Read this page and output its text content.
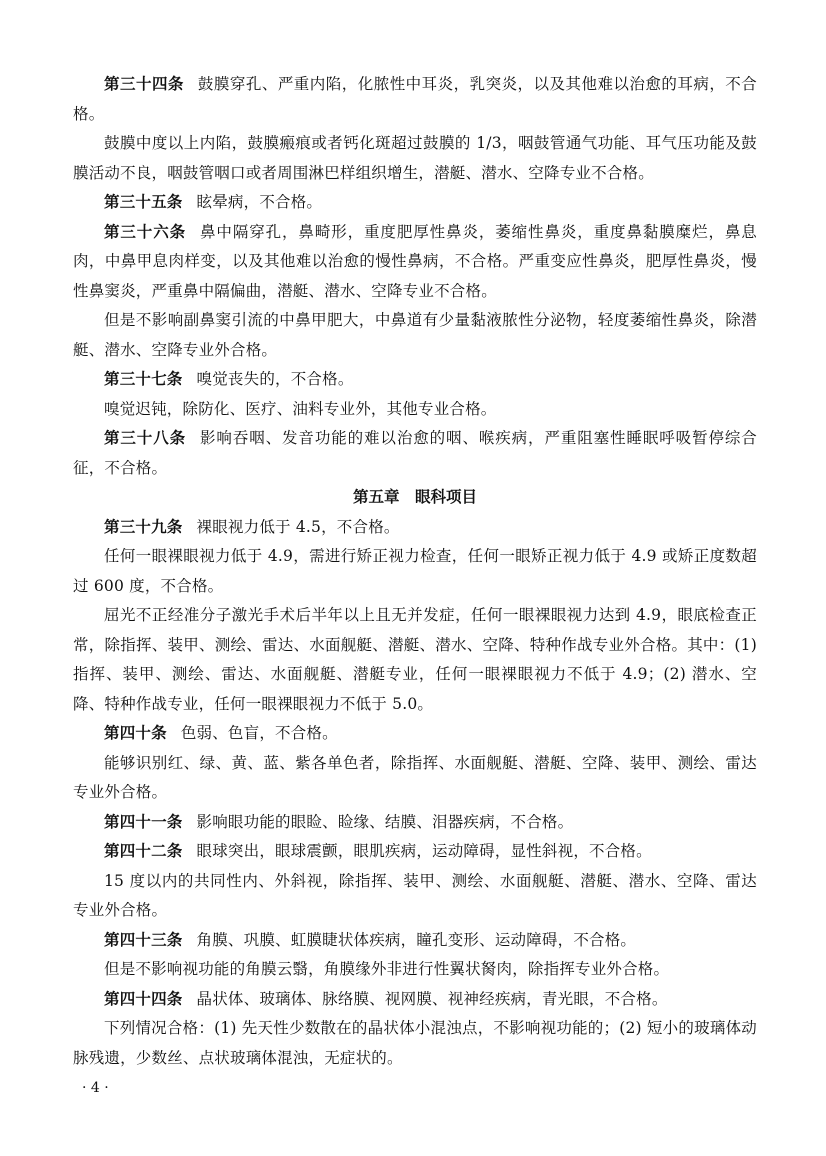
第三十四条 鼓膜穿孔、严重内陷，化脓性中耳炎，乳突炎，以及其他难以治愈的耳病，不合格。

鼓膜中度以上内陷，鼓膜瘢痕或者钙化斑超过鼓膜的 1/3，咽鼓管通气功能、耳气压功能及鼓膜活动不良，咽鼓管咽口或者周围淋巴样组织增生，潜艇、潜水、空降专业不合格。

第三十五条 眩晕病，不合格。

第三十六条 鼻中隔穿孔，鼻畸形，重度肥厚性鼻炎，萎缩性鼻炎，重度鼻黏膜糜烂，鼻息肉，中鼻甲息肉样变，以及其他难以治愈的慢性鼻病，不合格。严重变应性鼻炎，肥厚性鼻炎，慢性鼻窦炎，严重鼻中隔偏曲，潜艇、潜水、空降专业不合格。

但是不影响副鼻窦引流的中鼻甲肥大，中鼻道有少量黏液脓性分泌物，轻度萎缩性鼻炎，除潜艇、潜水、空降专业外合格。

第三十七条 嗅觉丧失的，不合格。

嗅觉迟钝，除防化、医疗、油料专业外，其他专业合格。

第三十八条 影响吞咽、发音功能的难以治愈的咽、喉疾病，严重阻塞性睡眠呼吸暂停综合征，不合格。

第五章　眼科项目

第三十九条 裸眼视力低于 4.5，不合格。

任何一眼裸眼视力低于 4.9，需进行矫正视力检查，任何一眼矫正视力低于 4.9 或矫正度数超过 600 度，不合格。

屈光不正经准分子激光手术后半年以上且无并发症，任何一眼裸眼视力达到 4.9，眼底检查正常，除指挥、装甲、测绘、雷达、水面舰艇、潜艇、潜水、空降、特种作战专业外合格。其中：(1) 指挥、装甲、测绘、雷达、水面舰艇、潜艇专业，任何一眼裸眼视力不低于 4.9；(2) 潜水、空降、特种作战专业，任何一眼裸眼视力不低于 5.0。

第四十条 色弱、色盲，不合格。

能够识别红、绿、黄、蓝、紫各单色者，除指挥、水面舰艇、潜艇、空降、装甲、测绘、雷达专业外合格。

第四十一条 影响眼功能的眼睑、睑缘、结膜、泪器疾病，不合格。

第四十二条 眼球突出，眼球震颤，眼肌疾病，运动障碍，显性斜视，不合格。

15 度以内的共同性内、外斜视，除指挥、装甲、测绘、水面舰艇、潜艇、潜水、空降、雷达专业外合格。

第四十三条 角膜、巩膜、虹膜睫状体疾病，瞳孔变形、运动障碍，不合格。

但是不影响视功能的角膜云翳，角膜缘外非进行性翼状胬肉，除指挥专业外合格。

第四十四条 晶状体、玻璃体、脉络膜、视网膜、视神经疾病，青光眼，不合格。

下列情况合格：(1) 先天性少数散在的晶状体小混浊点，不影响视功能的；(2) 短小的玻璃体动脉残遗，少数丝、点状玻璃体混浊，无症状的。

· 4 ·
